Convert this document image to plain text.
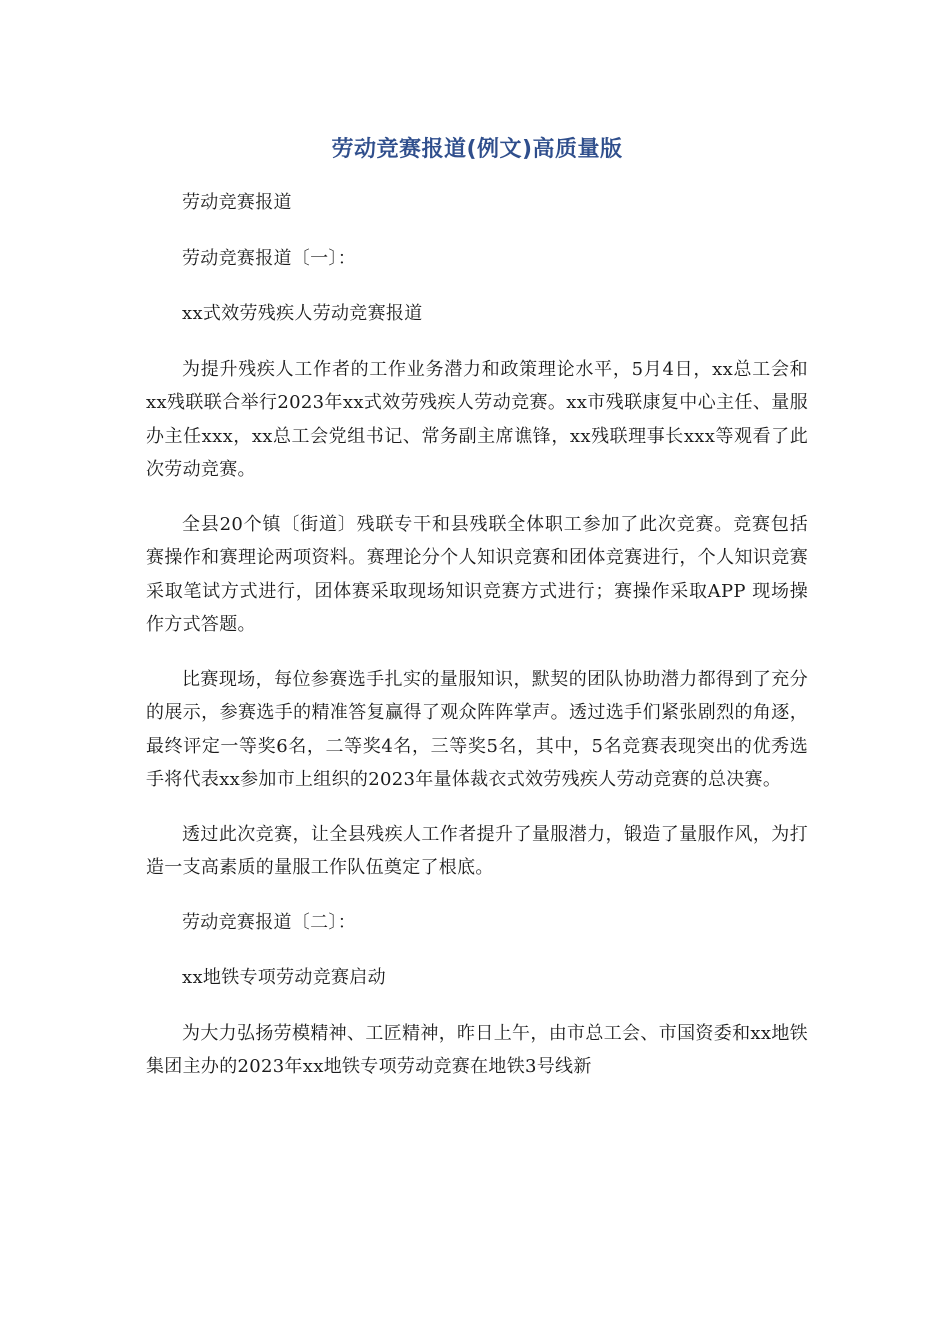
劳动竞赛报道(例文)高质量版

劳动竞赛报道

劳动竞赛报道〔一〕：

xx式效劳残疾人劳动竞赛报道

为提升残疾人工作者的工作业务潜力和政策理论水平，5月4日，xx总工会和xx残联联合举行2023年xx式效劳残疾人劳动竞赛。xx市残联康复中心主任、量服办主任xxx，xx总工会党组书记、常务副主席谯锋，xx残联理事长xxx等观看了此次劳动竞赛。

全县20个镇〔街道〕残联专干和县残联全体职工参加了此次竞赛。竞赛包括赛操作和赛理论两项资料。赛理论分个人知识竞赛和团体竞赛进行，个人知识竞赛采取笔试方式进行，团体赛采取现场知识竞赛方式进行；赛操作采取APP 现场操作方式答题。

比赛现场，每位参赛选手扎实的量服知识，默契的团队协助潜力都得到了充分的展示，参赛选手的精准答复赢得了观众阵阵掌声。透过选手们紧张剧烈的角逐，最终评定一等奖6名，二等奖4名，三等奖5名，其中，5名竞赛表现突出的优秀选手将代表xx参加市上组织的2023年量体裁衣式效劳残疾人劳动竞赛的总决赛。

透过此次竞赛，让全县残疾人工作者提升了量服潜力，锻造了量服作风，为打造一支高素质的量服工作队伍奠定了根底。

劳动竞赛报道〔二〕：

xx地铁专项劳动竞赛启动

为大力弘扬劳模精神、工匠精神，昨日上午，由市总工会、市国资委和xx地铁集团主办的2023年xx地铁专项劳动竞赛在地铁3号线新
